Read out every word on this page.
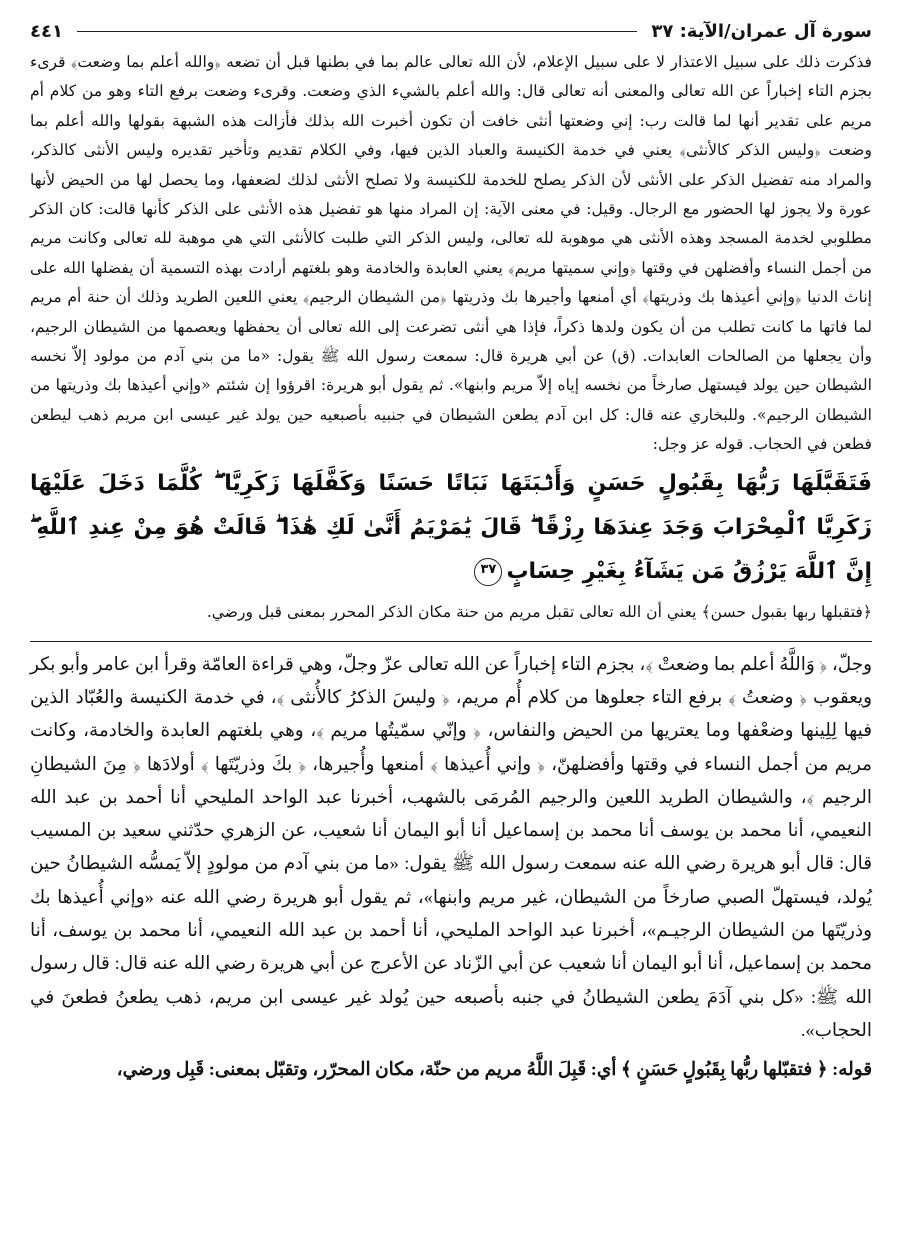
سورة آل عمران/الآية: ٣٧
٤٤١

فذكرت ذلك على سبيل الاعتذار لا على سبيل الإعلام، لأن الله تعالى عالم بما في بطنها قبل أن تضعه ﴿والله أعلم بما وضعت﴾ قرىء بجزم التاء إخباراً عن الله تعالى والمعنى أنه تعالى قال: والله أعلم بالشيء الذي وضعت. وقرىء وضعت برفع التاء وهو من كلام أم مريم على تقدير أنها لما قالت رب: إني وضعتها أنثى خافت أن تكون أخبرت الله بذلك فأزالت هذه الشبهة بقولها والله أعلم بما وضعت ﴿وليس الذكر كالأنثى﴾ يعني في خدمة الكنيسة والعباد الذين فيها، وفي الكلام تقديم وتأخير تقديره وليس الأنثى كالذكر، والمراد منه تفضيل الذكر على الأنثى لأن الذكر يصلح للخدمة للكنيسة ولا تصلح الأنثى لذلك لضعفها، وما يحصل لها من الحيض لأنها عورة ولا يجوز لها الحضور مع الرجال. وقيل: في معنى الآية: إن المراد منها هو تفضيل هذه الأنثى على الذكر كأنها قالت: كان الذكر مطلوبي لخدمة المسجد وهذه الأنثى هي موهوبة لله تعالى، وليس الذكر التي طلبت كالأنثى التي هي موهبة لله تعالى وكانت مريم من أجمل النساء وأفضلهن في وقتها ﴿وإني سميتها مريم﴾ يعني العابدة والخادمة وهو بلغتهم أرادت بهذه التسمية أن يفضلها الله على إناث الدنيا ﴿وإني أعيذها بك وذريتها﴾ أي أمنعها وأجيرها بك وذريتها ﴿من الشيطان الرجيم﴾ يعني اللعين الطريد وذلك أن حنة أم مريم لما فاتها ما كانت تطلب من أن يكون ولدها ذكراً، فإذا هي أنثى تضرعت إلى الله تعالى أن يحفظها ويعصمها من الشيطان الرجيم، وأن يجعلها من الصالحات العابدات. (ق) عن أبي هريرة قال: سمعت رسول الله ﷺ يقول: «ما من بني آدم من مولود إلاّ نخسه الشيطان حين يولد فيستهل صارخاً من نخسه إياه إلاّ مريم وابنها». ثم يقول أبو هريرة: اقرؤوا إن شئتم «وإني أعيذها بك وذريتها من الشيطان الرجيم». وللبخاري عنه قال: كل ابن آدم يطعن الشيطان في جنبيه بأصبعيه حين يولد غير عيسى ابن مريم ذهب ليطعن فطعن في الحجاب. قوله عز وجل:

فَتَقَبَّلَهَا رَبُّهَا بِقَبُولٍ حَسَنٍ وَأَنۢبَتَهَا نَبَاتًا حَسَنًا وَكَفَّلَهَا زَكَرِيَّا ۖ كُلَّمَا دَخَلَ عَلَيْهَا زَكَرِيَّا ٱلْمِحْرَابَ وَجَدَ عِندَهَا رِزْقًا ۖ قَالَ يَٰمَرْيَمُ أَنَّىٰ لَكِ هَٰذَا ۖ قَالَتْ هُوَ مِنْ عِندِ ٱللَّهِ ۖ إِنَّ ٱللَّهَ يَرْزُقُ مَن يَشَآءُ بِغَيْرِ حِسَابٍ٣٧

﴿فتقبلها ربها بقبول حسن﴾ يعني أن الله تعالى تقبل مريم من حنة مكان الذكر المحرر بمعنى قبل ورضي.

وجلّ، ﴿ وَاللَّهُ أعلم بما وضعتْ ﴾، بجزم التاء إخباراً عن الله تعالى عزّ وجلّ، وهي قراءة العامّة وقرأ ابن عامر وأبو بكر ويعقوب ﴿ وضعتُ ﴾ برفع التاء جعلوها من كلام أُم مريم، ﴿ وليسَ الذكرُ كالأُنثى ﴾، في خدمة الكنيسة والعُبّاد الذين فيها لِلِينها وضعْفها وما يعتريها من الحيض والنفاس، ﴿ وإنّي سمّيتُها مريم ﴾، وهي بلغتهم العابدة والخادمة، وكانت مريم من أجمل النساء في وقتها وأفضلهنّ، ﴿ وإني أُعيذها ﴾ أمنعها وأُجيرها، ﴿ بكَ وذريّتَها ﴾ أولادَها ﴿ مِنَ الشيطانِ الرجيم ﴾، والشيطان الطريد اللعين والرجيم المُرمَى بالشهب، أخبرنا عبد الواحد المليحي أنا أحمد بن عبد الله النعيمي، أنا محمد بن يوسف أنا محمد بن إسماعيل أنا أبو اليمان أنا شعيب، عن الزهري حدّثني سعيد بن المسيب قال: قال أبو هريرة رضي الله عنه سمعت رسول الله ﷺ يقول: «ما من بني آدم من مولودٍ إلاّ يَمسُّه الشيطانُ حين يُولد، فيستهلّ الصبي صارخاً من الشيطان، غير مريم وابنها»، ثم يقول أبو هريرة رضي الله عنه «وإني أُعيذها بك وذريّتَها من الشيطان الرجيـم»، أخبرنا عبد الواحد المليحي، أنا أحمد بن عبد الله النعيمي، أنا محمد بن يوسف، أنا محمد بن إسماعيل، أنا أبو اليمان أنا شعيب عن أبي الزّناد عن الأعرج عن أبي هريرة رضي الله عنه قال: قال رسول الله ﷺ: «كل بني آدَمَ يطعن الشيطانُ في جنبه بأصبعه حين يُولد غير عيسى ابن مريم، ذهب يطعنُ فطعنَ في الحجاب».

قوله: ﴿ فتقبّلها ربُّها بِقَبُولٍ حَسَنٍ ﴾ أي: قَبِلَ اللَّهُ مريم من حنّة، مكان المحرّر، وتقبّل بمعنى: قَبِل ورضي،
